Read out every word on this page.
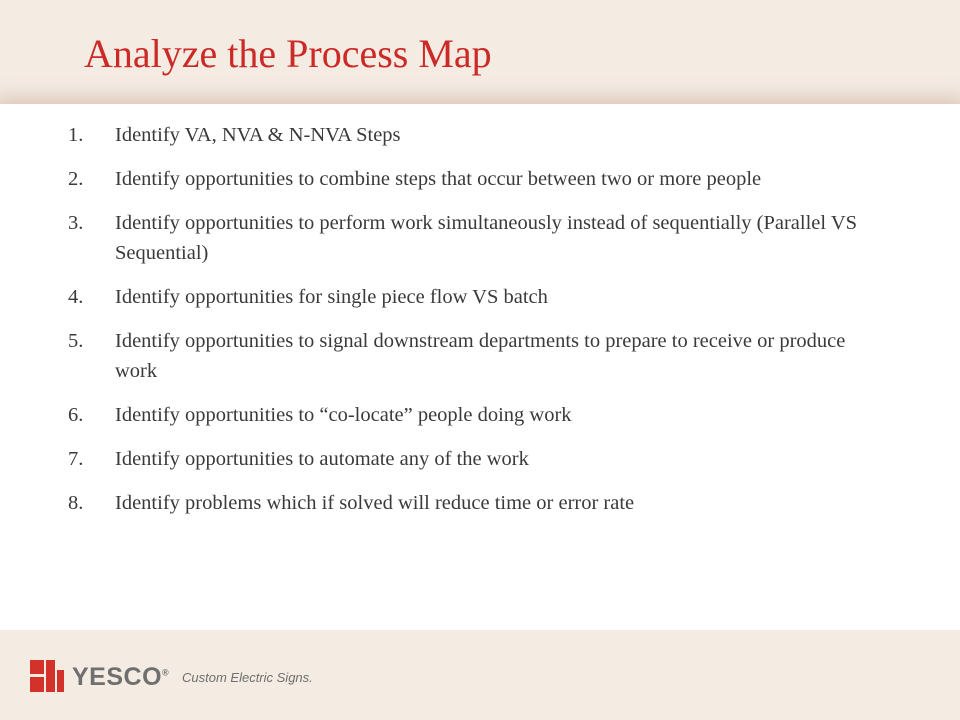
Analyze the Process Map
1.	Identify VA, NVA & N-NVA Steps
2.	Identify opportunities to combine steps that occur between two or more people
3.	Identify opportunities to perform work simultaneously instead of sequentially (Parallel VS Sequential)
4.	Identify opportunities for single piece flow VS batch
5.	Identify opportunities to signal downstream departments to prepare to receive or produce work
6.	Identify opportunities to “co-locate” people doing work
7.	Identify opportunities to automate any of the work
8.	Identify problems which if solved will reduce time or error rate
YESCO® Custom Electric Signs.
